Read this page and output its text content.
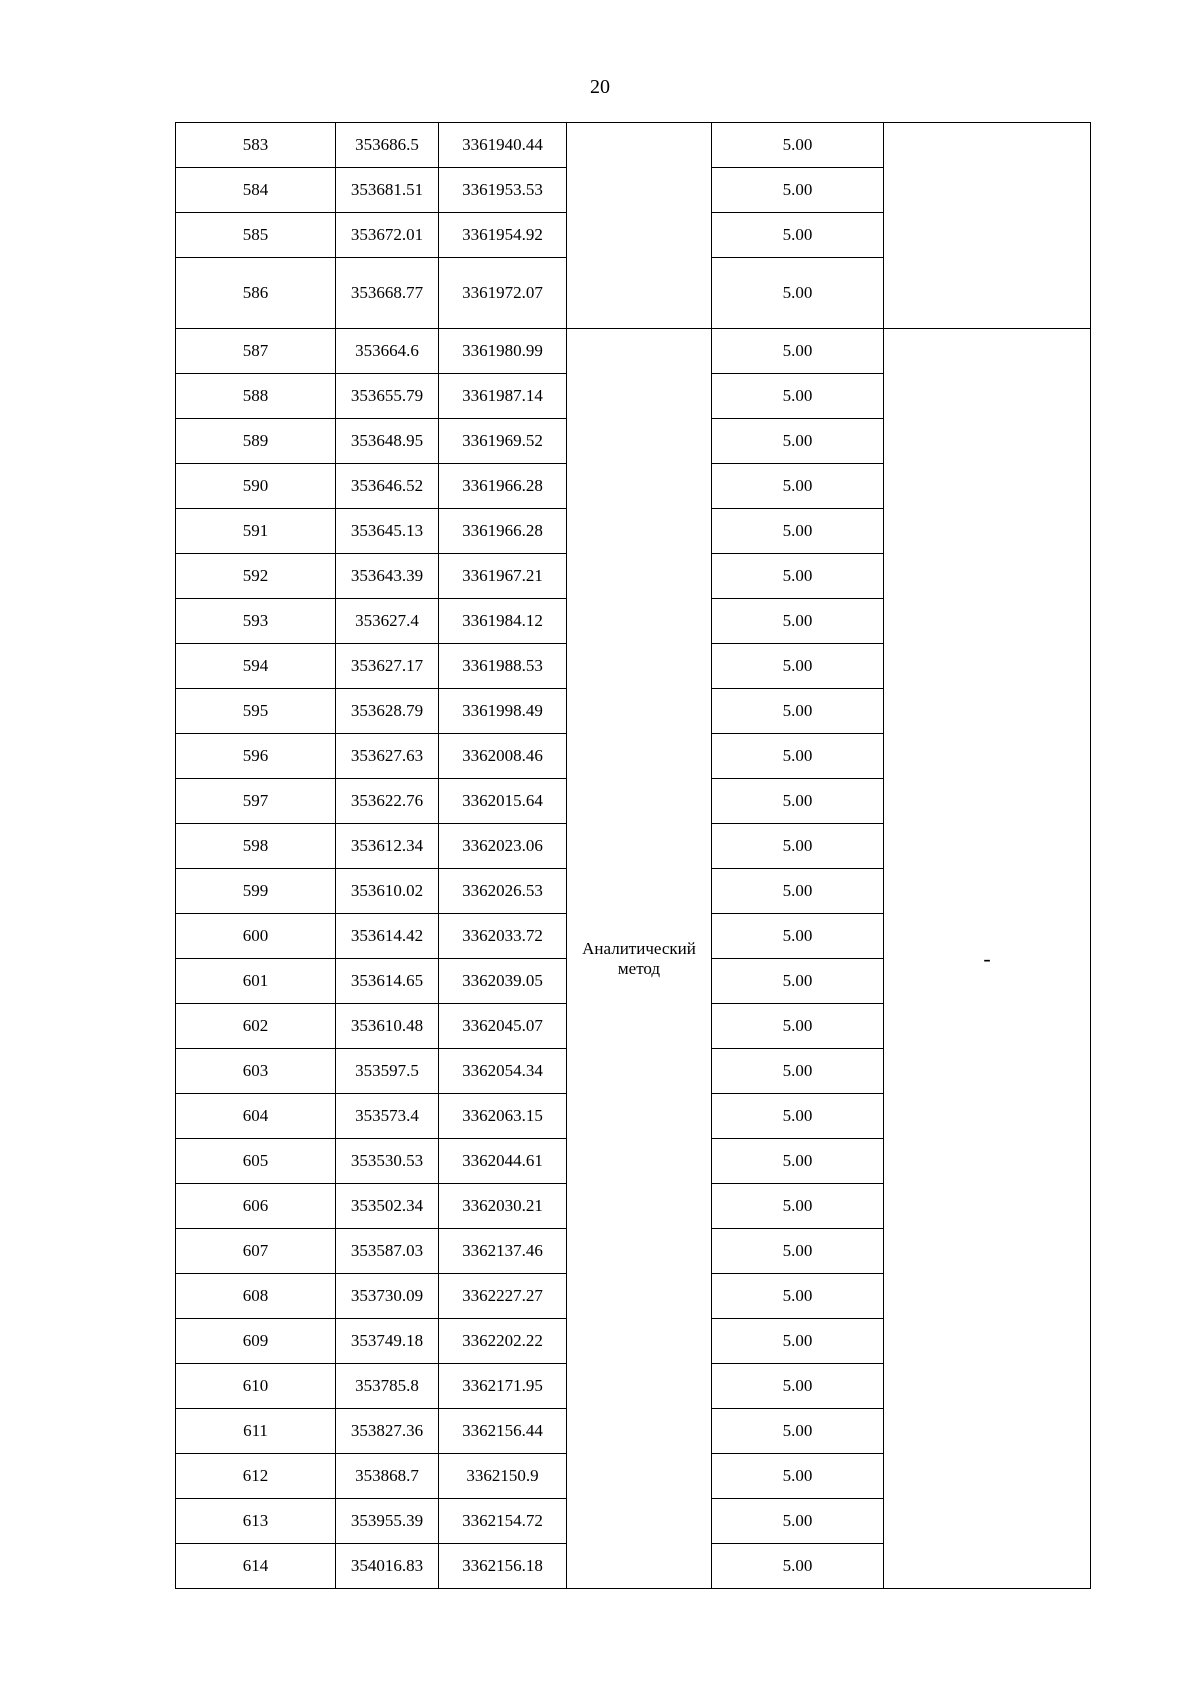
20
583	353686.5	3361940.44		5.00	
584	353681.51	3361953.53		5.00	
585	353672.01	3361954.92		5.00	
586	353668.77	3361972.07		5.00	
587	353664.6	3361980.99	Аналитический метод	5.00	-
588	353655.79	3361987.14		5.00	
589	353648.95	3361969.52		5.00	
590	353646.52	3361966.28		5.00	
591	353645.13	3361966.28		5.00	
592	353643.39	3361967.21		5.00	
593	353627.4	3361984.12		5.00	
594	353627.17	3361988.53		5.00	
595	353628.79	3361998.49		5.00	
596	353627.63	3362008.46		5.00	
597	353622.76	3362015.64		5.00	
598	353612.34	3362023.06		5.00	
599	353610.02	3362026.53		5.00	
600	353614.42	3362033.72		5.00	
601	353614.65	3362039.05		5.00	
602	353610.48	3362045.07		5.00	
603	353597.5	3362054.34		5.00	
604	353573.4	3362063.15		5.00	
605	353530.53	3362044.61		5.00	
606	353502.34	3362030.21		5.00	
607	353587.03	3362137.46		5.00	
608	353730.09	3362227.27		5.00	
609	353749.18	3362202.22		5.00	
610	353785.8	3362171.95		5.00	
611	353827.36	3362156.44		5.00	
612	353868.7	3362150.9		5.00	
613	353955.39	3362154.72		5.00	
614	354016.83	3362156.18		5.00	
